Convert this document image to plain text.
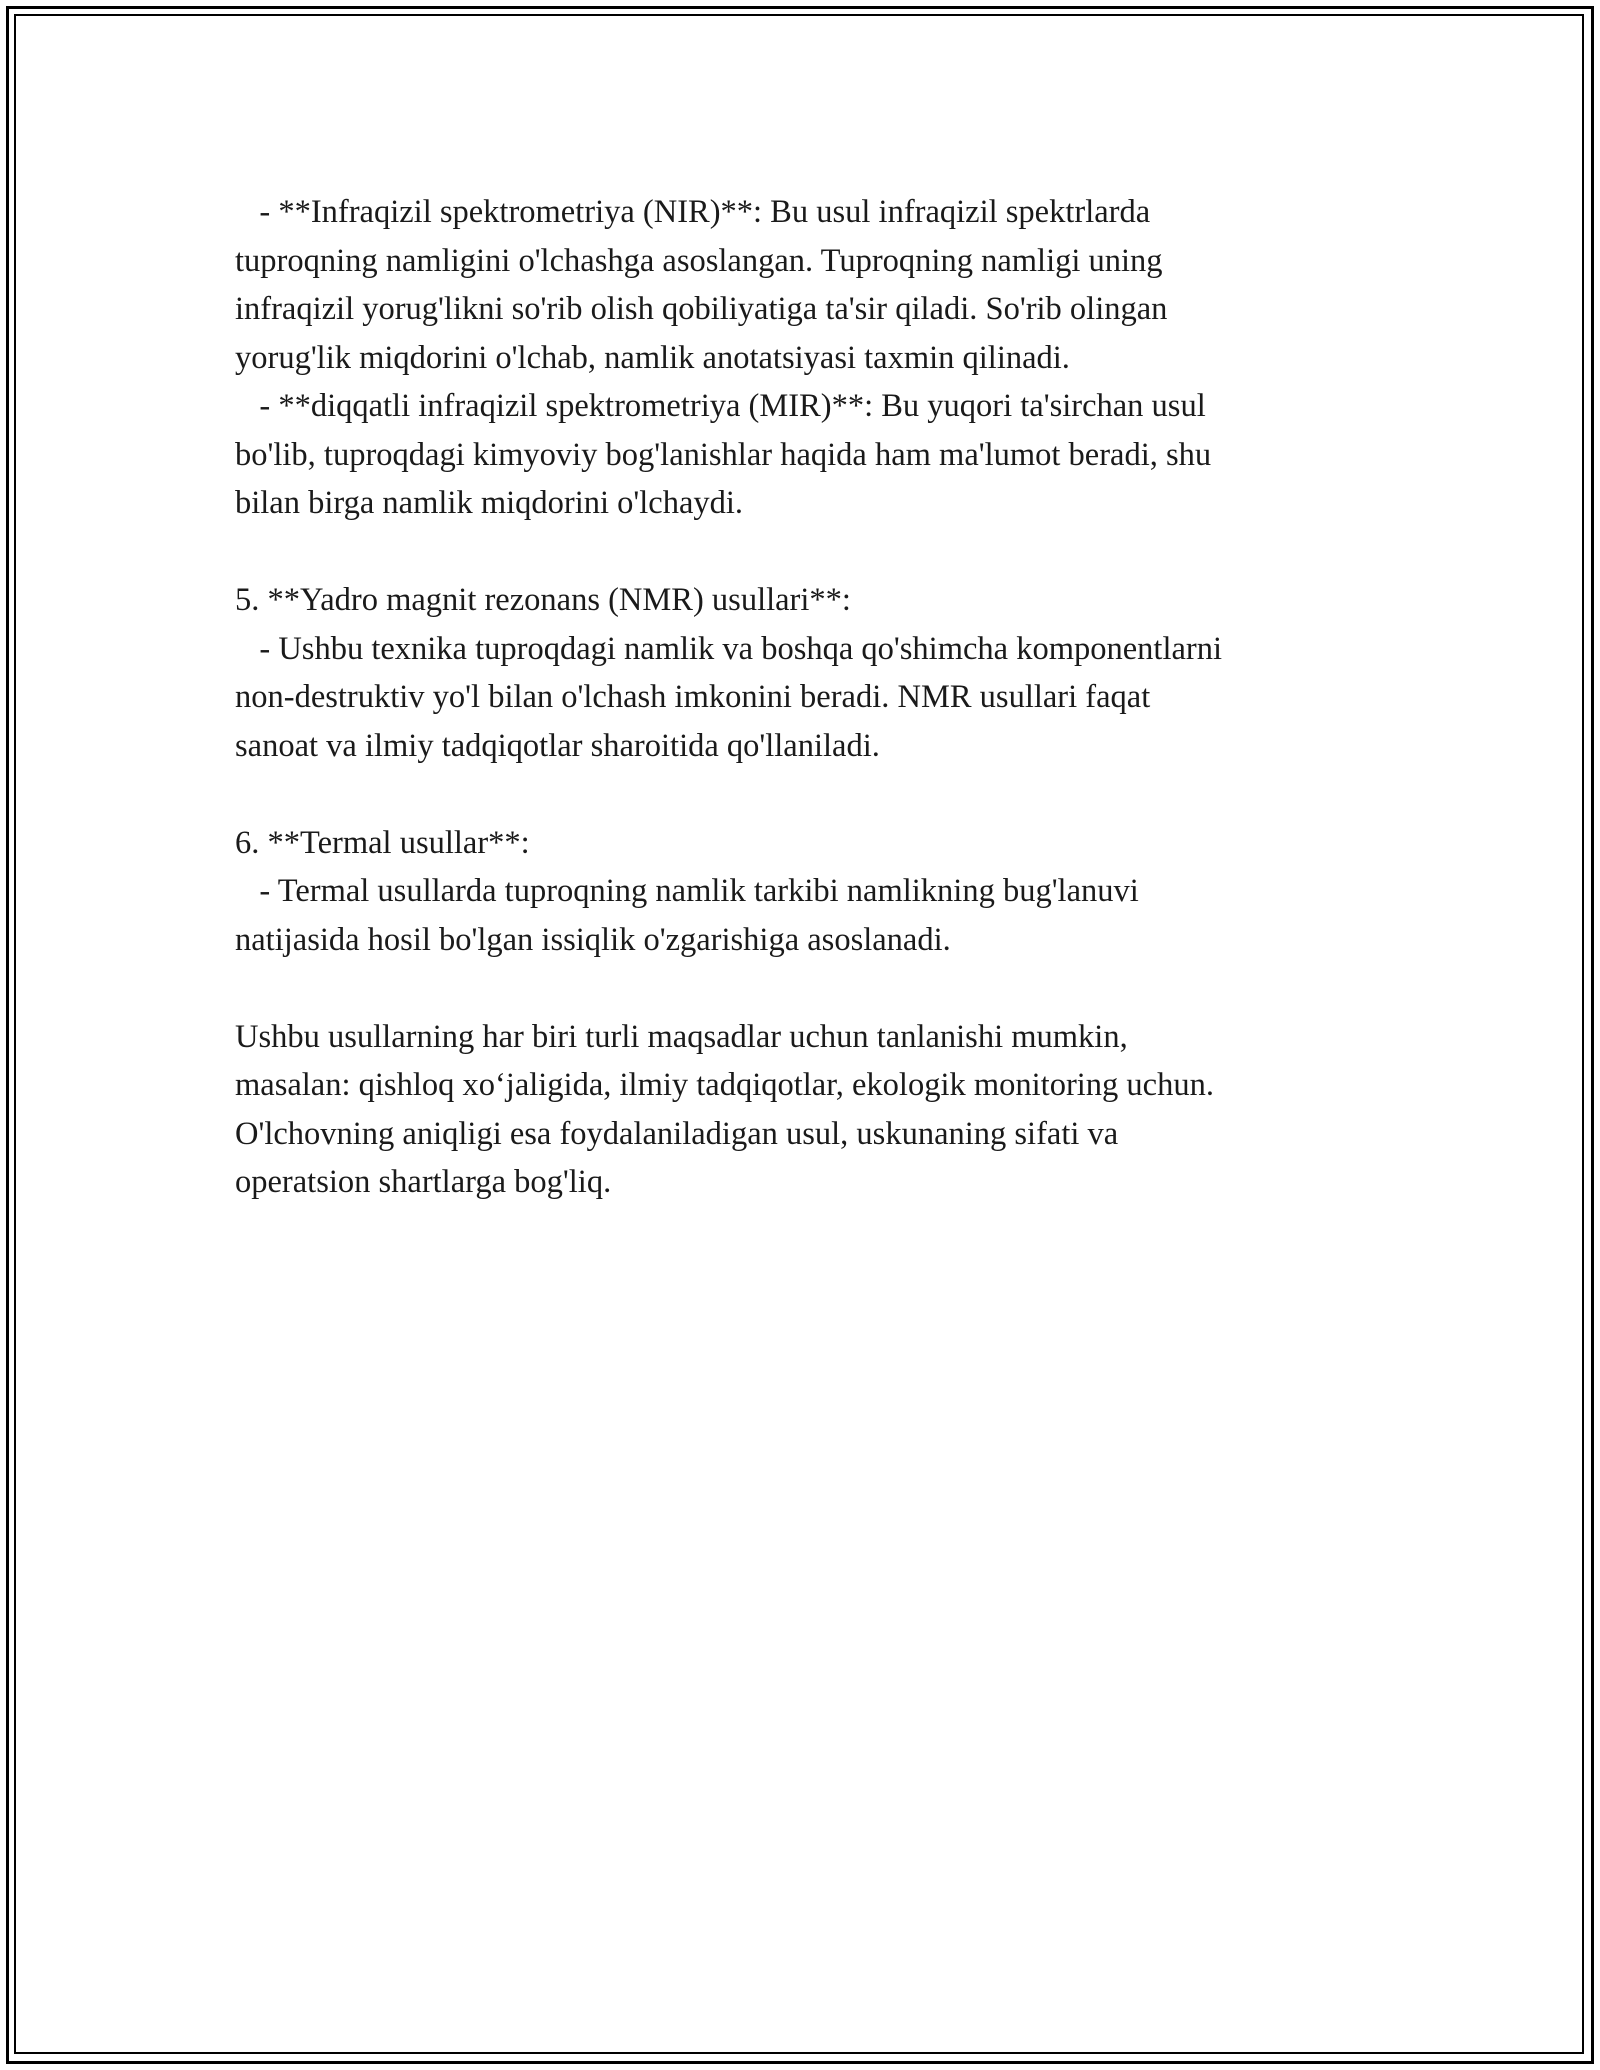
- **Infraqizil spektrometriya (NIR)**: Bu usul infraqizil spektrlarda
tuproqning namligini o'lchashga asoslangan. Tuproqning namligi uning
infraqizil yorug'likni so'rib olish qobiliyatiga ta'sir qiladi. So'rib olingan
yorug'lik miqdorini o'lchab, namlik anotatsiyasi taxmin qilinadi.
- **diqqatli infraqizil spektrometriya (MIR)**: Bu yuqori ta'sirchan usul
bo'lib, tuproqdagi kimyoviy bog'lanishlar haqida ham ma'lumot beradi, shu
bilan birga namlik miqdorini o'lchaydi.
5. **Yadro magnit rezonans (NMR) usullari**:
- Ushbu texnika tuproqdagi namlik va boshqa qo'shimcha komponentlarni
non-destruktiv yo'l bilan o'lchash imkonini beradi. NMR usullari faqat
sanoat va ilmiy tadqiqotlar sharoitida qo'llaniladi.
6. **Termal usullar**:
- Termal usullarda tuproqning namlik tarkibi namlikning bug'lanuvi
natijasida hosil bo'lgan issiqlik o'zgarishiga asoslanadi.
Ushbu usullarning har biri turli maqsadlar uchun tanlanishi mumkin,
masalan: qishloq xo‘jaligida, ilmiy tadqiqotlar, ekologik monitoring uchun.
O'lchovning aniqligi esa foydalaniladigan usul, uskunaning sifati va
operatsion shartlarga bog'liq.
